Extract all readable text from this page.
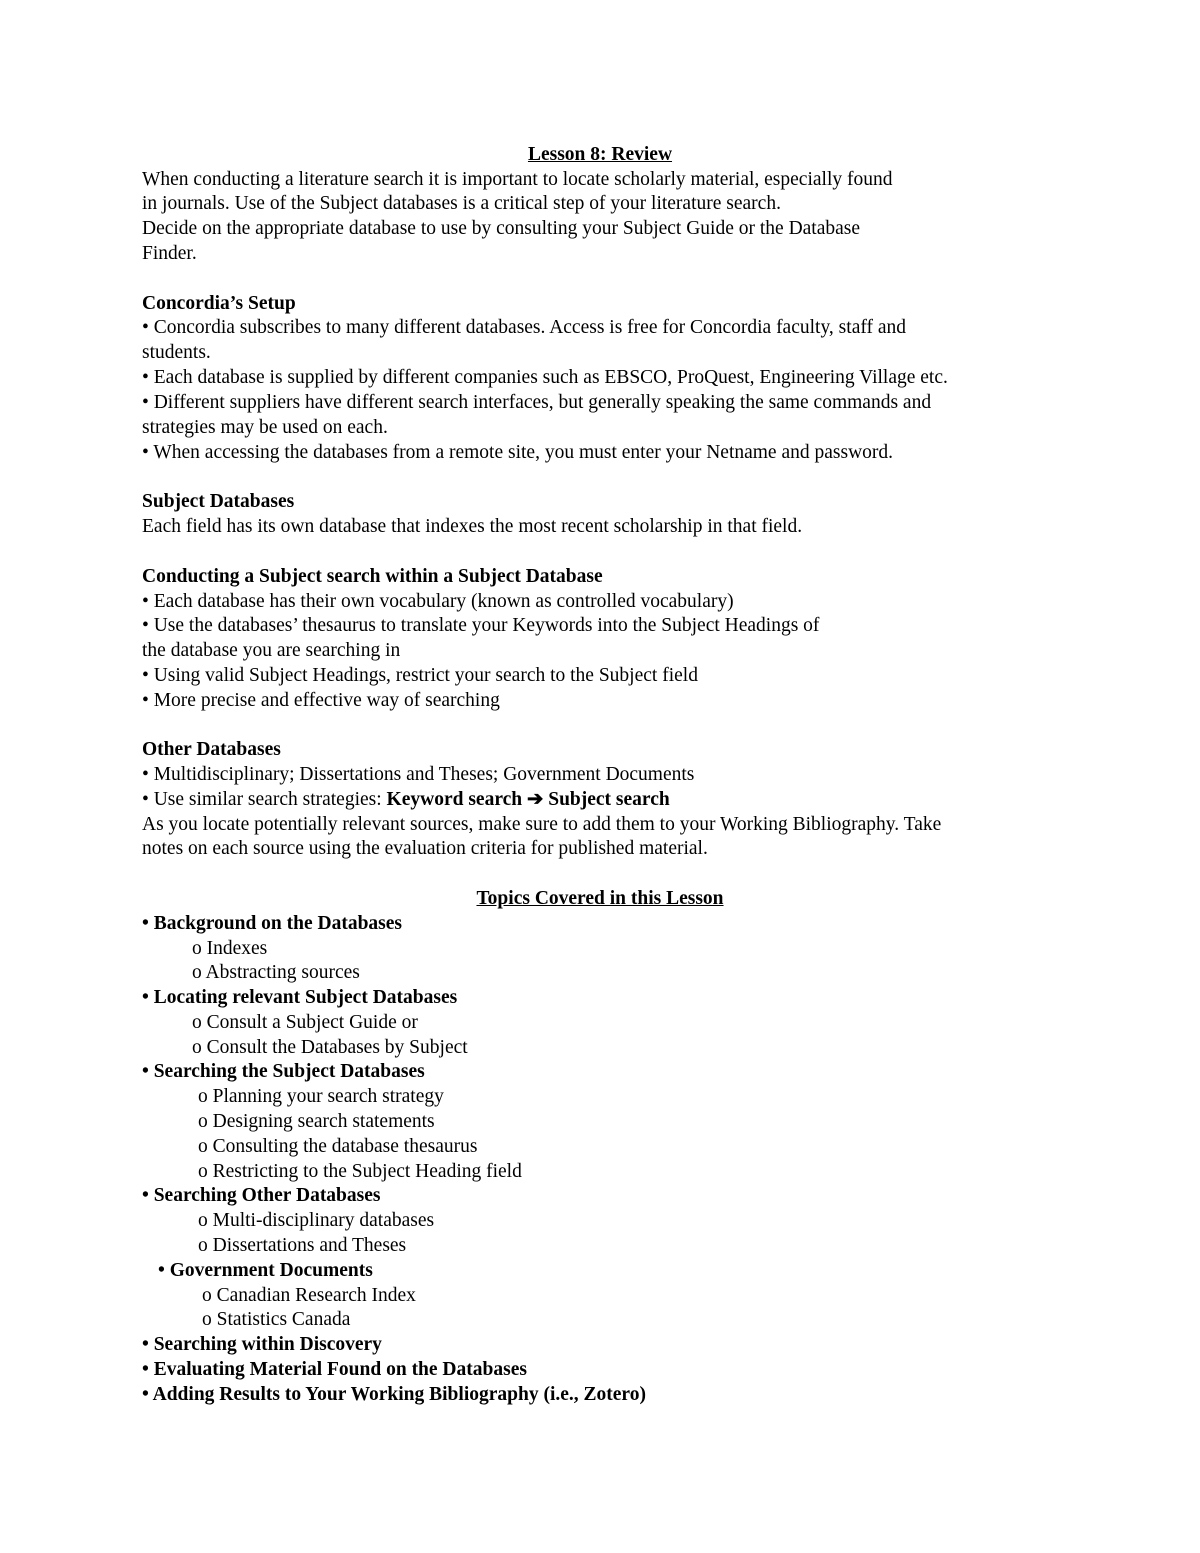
Lesson 8: Review
When conducting a literature search it is important to locate scholarly material, especially found
in journals. Use of the Subject databases is a critical step of your literature search.
Decide on the appropriate database to use by consulting your Subject Guide or the Database
Finder.
Concordia’s Setup
• Concordia subscribes to many different databases. Access is free for Concordia faculty, staff and
students.
• Each database is supplied by different companies such as EBSCO, ProQuest, Engineering Village etc.
• Different suppliers have different search interfaces, but generally speaking the same commands and
strategies may be used on each.
• When accessing the databases from a remote site, you must enter your Netname and password.
Subject Databases
Each field has its own database that indexes the most recent scholarship in that field.
Conducting a Subject search within a Subject Database
• Each database has their own vocabulary (known as controlled vocabulary)
• Use the databases’ thesaurus to translate your Keywords into the Subject Headings of
the database you are searching in
• Using valid Subject Headings, restrict your search to the Subject field
• More precise and effective way of searching
Other Databases
• Multidisciplinary; Dissertations and Theses; Government Documents
• Use similar search strategies: Keyword search ➔ Subject search
As you locate potentially relevant sources, make sure to add them to your Working Bibliography. Take
notes on each source using the evaluation criteria for published material.
Topics Covered in this Lesson
• Background on the Databases
o Indexes
o Abstracting sources
• Locating relevant Subject Databases
o Consult a Subject Guide or
o Consult the Databases by Subject
• Searching the Subject Databases
o Planning your search strategy
o Designing search statements
o Consulting the database thesaurus
o Restricting to the Subject Heading field
• Searching Other Databases
o Multi-disciplinary databases
o Dissertations and Theses
• Government Documents
o Canadian Research Index
o Statistics Canada
• Searching within Discovery
• Evaluating Material Found on the Databases
• Adding Results to Your Working Bibliography (i.e., Zotero)
